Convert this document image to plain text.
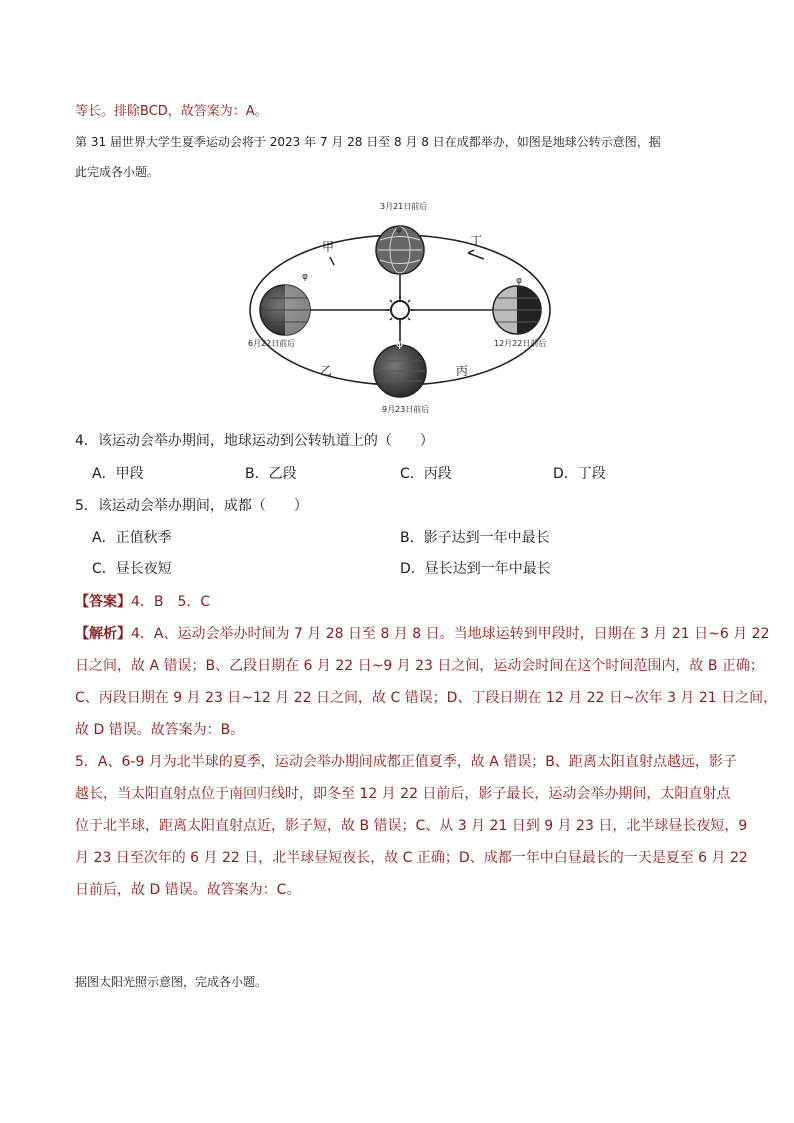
等长。排除BCD，故答案为：A。
第 31 届世界大学生夏季运动会将于 2023 年 7 月 28 日至 8 月 8 日在成都举办，如图是地球公转示意图，据
此完成各小题。
φ
φ	φ
φ
3月21日前后
6月22日前后	12月22日前后
9月23日前后
甲
乙	丙
丁
4．该运动会举办期间，地球运动到公转轨道上的（　　）
A．甲段	B．乙段	C．丙段	D．丁段
5．该运动会举办期间，成都（　　）
A．正值秋季	B．影子达到一年中最长
C．昼长夜短	D．昼长达到一年中最长
【答案】4．B　5．C
【解析】4．A、运动会举办时间为 7 月 28 日至 8 月 8 日。当地球运转到甲段时，日期在 3 月 21 日~6 月 22
日之间，故 A 错误；B、乙段日期在 6 月 22 日~9 月 23 日之间，运动会时间在这个时间范围内，故 B 正确；
C、丙段日期在 9 月 23 日~12 月 22 日之间，故 C 错误；D、丁段日期在 12 月 22 日~次年 3 月 21 日之间，
故 D 错误。故答案为：B。
5．A、6-9 月为北半球的夏季，运动会举办期间成都正值夏季，故 A 错误；B、距离太阳直射点越远，影子
越长，当太阳直射点位于南回归线时，即冬至 12 月 22 日前后，影子最长，运动会举办期间，太阳直射点
位于北半球，距离太阳直射点近，影子短，故 B 错误；C、从 3 月 21 日到 9 月 23 日，北半球昼长夜短，9
月 23 日至次年的 6 月 22 日，北半球昼短夜长，故 C 正确；D、成都一年中白昼最长的一天是夏至 6 月 22
日前后，故 D 错误。故答案为：C。
据图太阳光照示意图，完成各小题。
